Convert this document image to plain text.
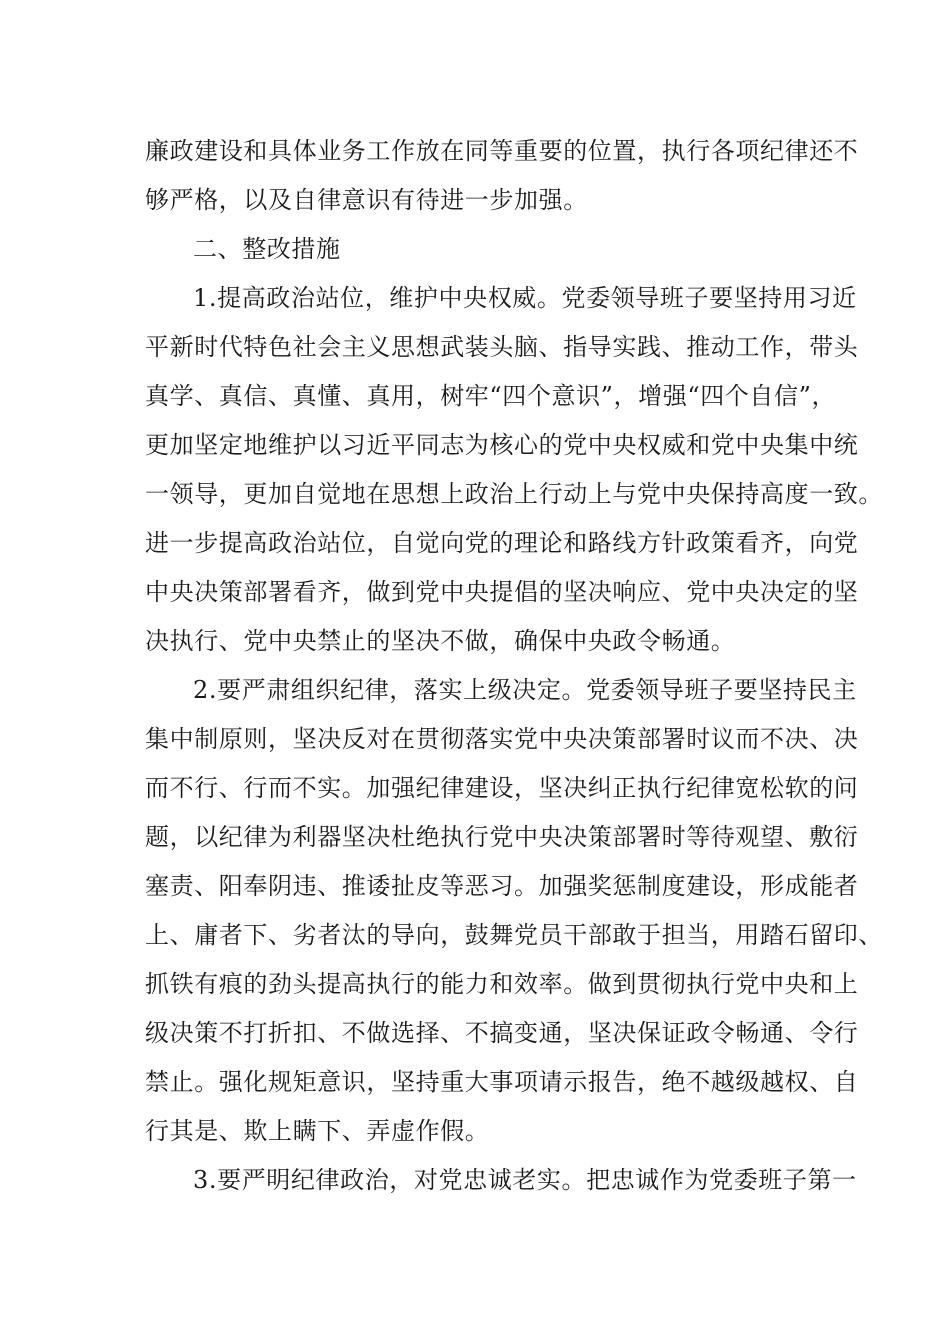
廉政建设和具体业务工作放在同等重要的位置，执行各项纪律还不
够严格，以及自律意识有待进一步加强。
二、整改措施
1.提高政治站位，维护中央权威。党委领导班子要坚持用习近
平新时代特色社会主义思想武装头脑、指导实践、推动工作，带头
真学、真信、真懂、真用，树牢“四个意识”，增强“四个自信”，
更加坚定地维护以习近平同志为核心的党中央权威和党中央集中统
一领导，更加自觉地在思想上政治上行动上与党中央保持高度一致。
进一步提高政治站位，自觉向党的理论和路线方针政策看齐，向党
中央决策部署看齐，做到党中央提倡的坚决响应、党中央决定的坚
决执行、党中央禁止的坚决不做，确保中央政令畅通。
2.要严肃组织纪律，落实上级决定。党委领导班子要坚持民主
集中制原则，坚决反对在贯彻落实党中央决策部署时议而不决、决
而不行、行而不实。加强纪律建设，坚决纠正执行纪律宽松软的问
题，以纪律为利器坚决杜绝执行党中央决策部署时等待观望、敷衍
塞责、阳奉阴违、推诿扯皮等恶习。加强奖惩制度建设，形成能者
上、庸者下、劣者汰的导向，鼓舞党员干部敢于担当，用踏石留印、
抓铁有痕的劲头提高执行的能力和效率。做到贯彻执行党中央和上
级决策不打折扣、不做选择、不搞变通，坚决保证政令畅通、令行
禁止。强化规矩意识，坚持重大事项请示报告，绝不越级越权、自
行其是、欺上瞒下、弄虚作假。
3.要严明纪律政治，对党忠诚老实。把忠诚作为党委班子第一
